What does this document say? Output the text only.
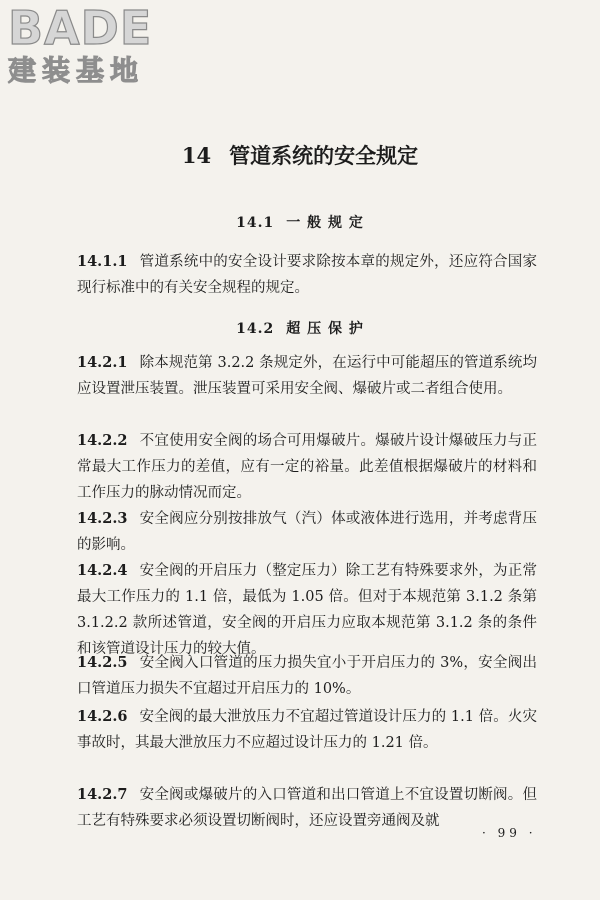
BADE
建装基地
14 管道系统的安全规定
14.1 一 般 规 定

14.1.1 管道系统中的安全设计要求除按本章的规定外，还应符合国家现行标准中的有关安全规程的规定。

14.2 超 压 保 护

14.2.1 除本规范第 3.2.2 条规定外，在运行中可能超压的管道系统均应设置泄压装置。泄压装置可采用安全阀、爆破片或二者组合使用。

14.2.2 不宜使用安全阀的场合可用爆破片。爆破片设计爆破压力与正常最大工作压力的差值，应有一定的裕量。此差值根据爆破片的材料和工作压力的脉动情况而定。

14.2.3 安全阀应分别按排放气（汽）体或液体进行选用，并考虑背压的影响。

14.2.4 安全阀的开启压力（整定压力）除工艺有特殊要求外，为正常最大工作压力的 1.1 倍，最低为 1.05 倍。但对于本规范第 3.1.2 条第 3.1.2.2 款所述管道，安全阀的开启压力应取本规范第 3.1.2 条的条件和该管道设计压力的较大值。

14.2.5 安全阀入口管道的压力损失宜小于开启压力的 3%，安全阀出口管道压力损失不宜超过开启压力的 10%。

14.2.6 安全阀的最大泄放压力不宜超过管道设计压力的 1.1 倍。火灾事故时，其最大泄放压力不应超过设计压力的 1.21 倍。

14.2.7 安全阀或爆破片的入口管道和出口管道上不宜设置切断阀。但工艺有特殊要求必须设置切断阀时，还应设置旁通阀及就

· 99 ·
